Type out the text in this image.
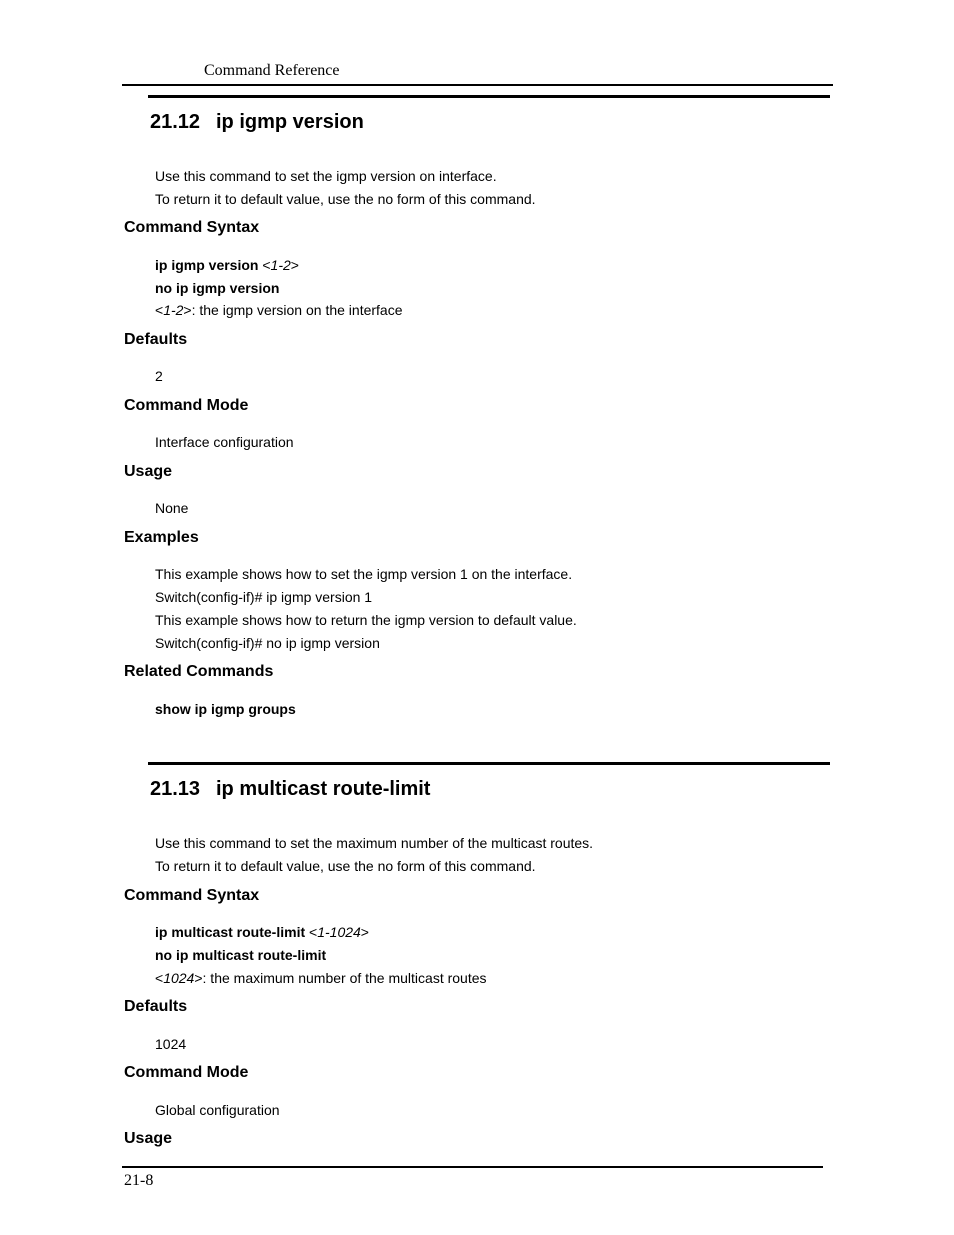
Command Reference
21.12 ip igmp version
Use this command to set the igmp version on interface.
To return it to default value, use the no form of this command.
Command Syntax
ip igmp version <1-2>
no ip igmp version
<1-2>: the igmp version on the interface
Defaults
2
Command Mode
Interface configuration
Usage
None
Examples
This example shows how to set the igmp version 1 on the interface.
Switch(config-if)# ip igmp version 1
This example shows how to return the igmp version to default value.
Switch(config-if)# no ip igmp version
Related Commands
show ip igmp groups
21.13 ip multicast route-limit
Use this command to set the maximum number of the multicast routes.
To return it to default value, use the no form of this command.
Command Syntax
ip multicast route-limit <1-1024>
no ip multicast route-limit
<1024>: the maximum number of the multicast routes
Defaults
1024
Command Mode
Global configuration
Usage
21-8
